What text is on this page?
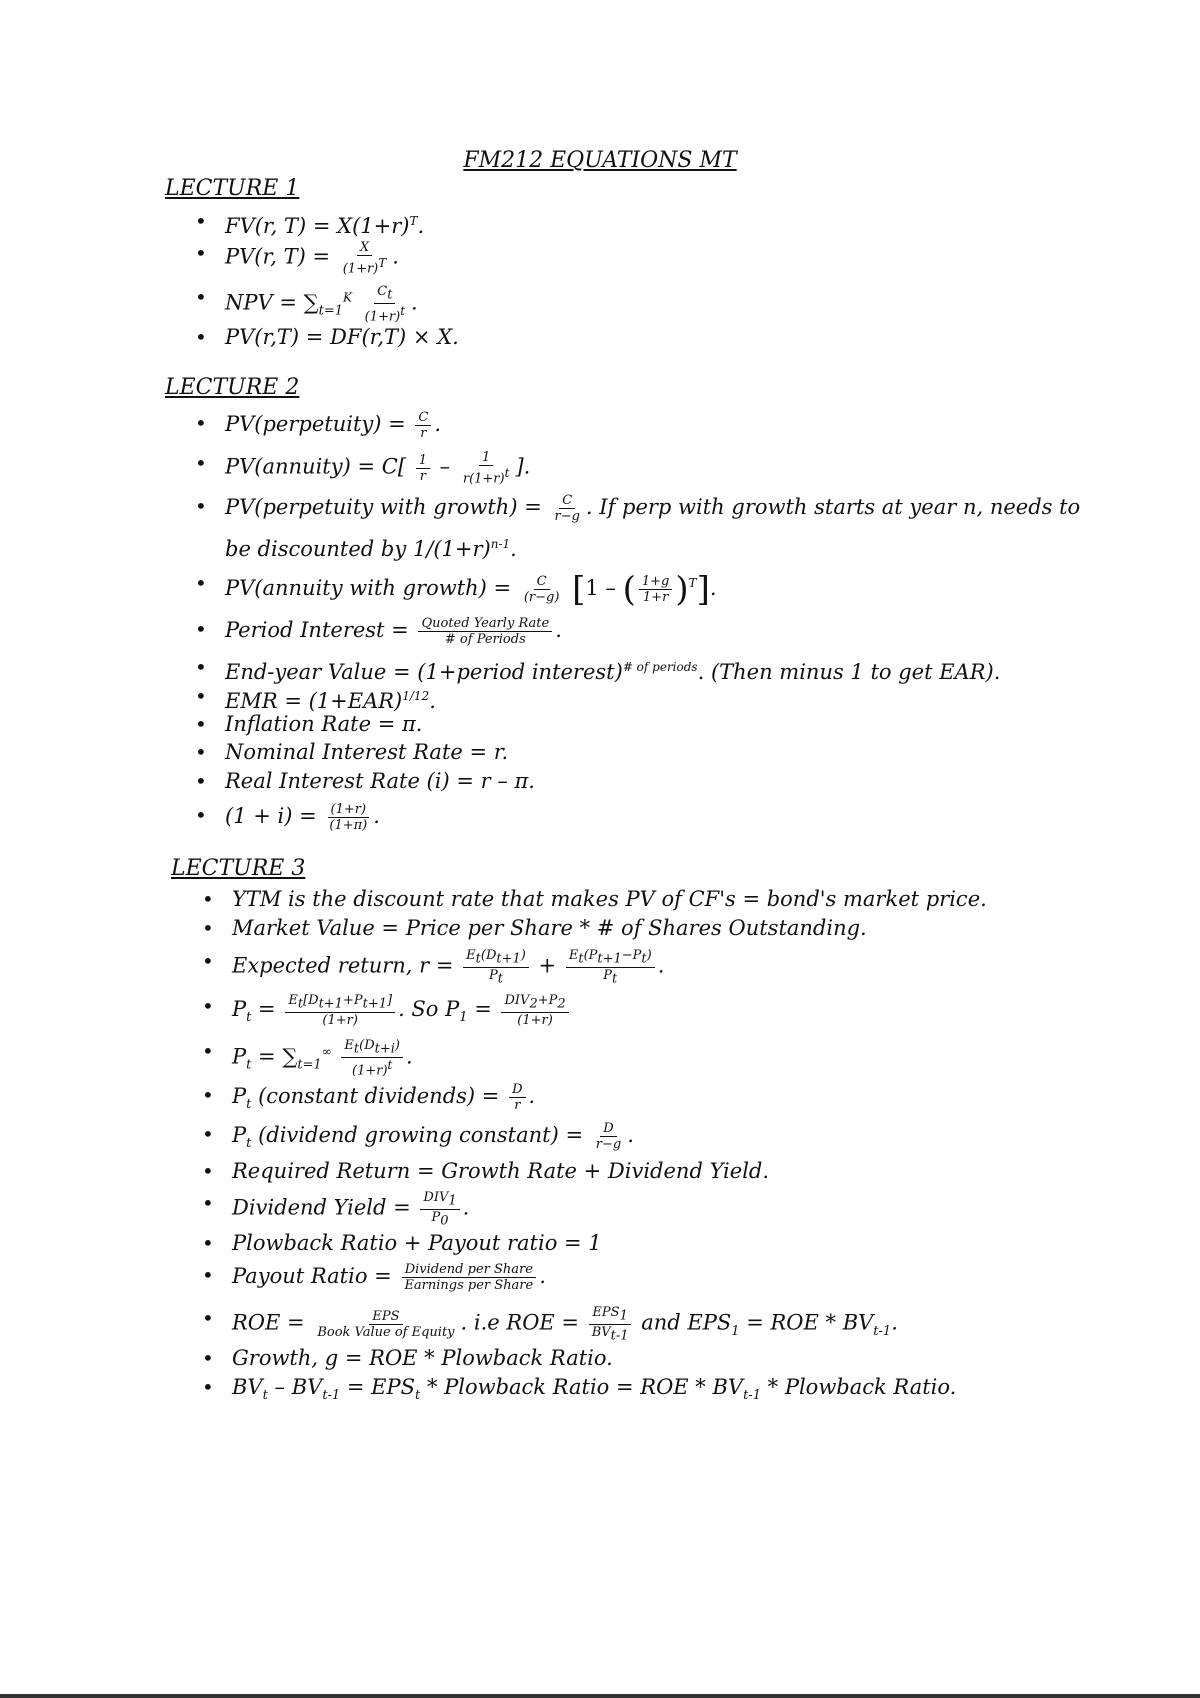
FM212 EQUATIONS MT
LECTURE 1
• FV(r, $T) = X(1+r)^T$.
• PV(r, $T) = \frac{X}{(1+r)^T}$ .
• NPV = $\sum_{t=1}^K \frac{C_t}{(1+r)^t}$ .
• PV(r,T) = DF(r,T) × X.
LECTURE 2
• PV(perpetuity) = $\frac{C}{r}$ .
• PV(annuity) = $C[ \frac{1}{r} - \frac{1}{r(1+r)^t}$ ].
• PV(perpetuity with growth) = $\frac{C}{r-g}$ . If perp with growth starts at year n, needs to
be discounted by $1/(1+r)^{n-1}$.
• PV(annuity with growth) = $\frac{C}{(r-g)} [1$ – ( $\frac{1+g}{1+r} )^T$].
• Period Interest = $\frac{\text{Quoted Yearly Rate}}{\text{\# of Periods}}$ .
• End-year Value = (1+period interest)$^{\# of periods}$. (Then minus 1 to get EAR).
• EMR = $(1+EAR)^{1/12}$.
• Inflation Rate = π.
• Nominal Interest Rate = r.
• Real Interest Rate (i) = r – π.
• $(1 + i) = \frac{(1+r)}{(1+\pi)}$ .
LECTURE 3
• YTM is the discount rate that makes PV of CF's = bond's market price.
• Market Value = Price per Share * # of Shares Outstanding.
• Expected return, $r = \frac{E_t(D_{t+1})}{P_t} + \frac{E_t(P_{t+1}-P_t)}{P_t}$ .
• $P_t = \frac{E_t[D_{t+1}+P_{t+1}]}{(1+r)}$ . So $P_1 = \frac{DIV_2+P_2}{(1+r)}$
• $P_t = \sum_{t=1}^\infty \frac{E_t(D_{t+i})}{(1+r)^t}$ .
• $P_t$ (constant dividends) = $\frac{D}{r}$ .
• $P_t$ (dividend growing constant) = $\frac{D}{r-g}$ .
• Required Return = Growth Rate + Dividend Yield.
• Dividend Yield = $\frac{DIV_1}{P_0}$ .
• Plowback Ratio + Payout ratio = 1
• Payout Ratio = $\frac{\text{Dividend per Share}}{\text{Earnings per Share}}$ .
• ROE = $\frac{\text{EPS}}{\text{Book Value of Equity}}$ . i.e ROE = $\frac{EPS_1}{BV_{t-1}}$ and $EPS_1$ = ROE * $BV_{t-1}$.
• Growth, g = ROE * Plowback Ratio.
• $BV_t - BV_{t-1} = EPS_t$ * Plowback Ratio = ROE * $BV_{t-1}$ * Plowback Ratio.
